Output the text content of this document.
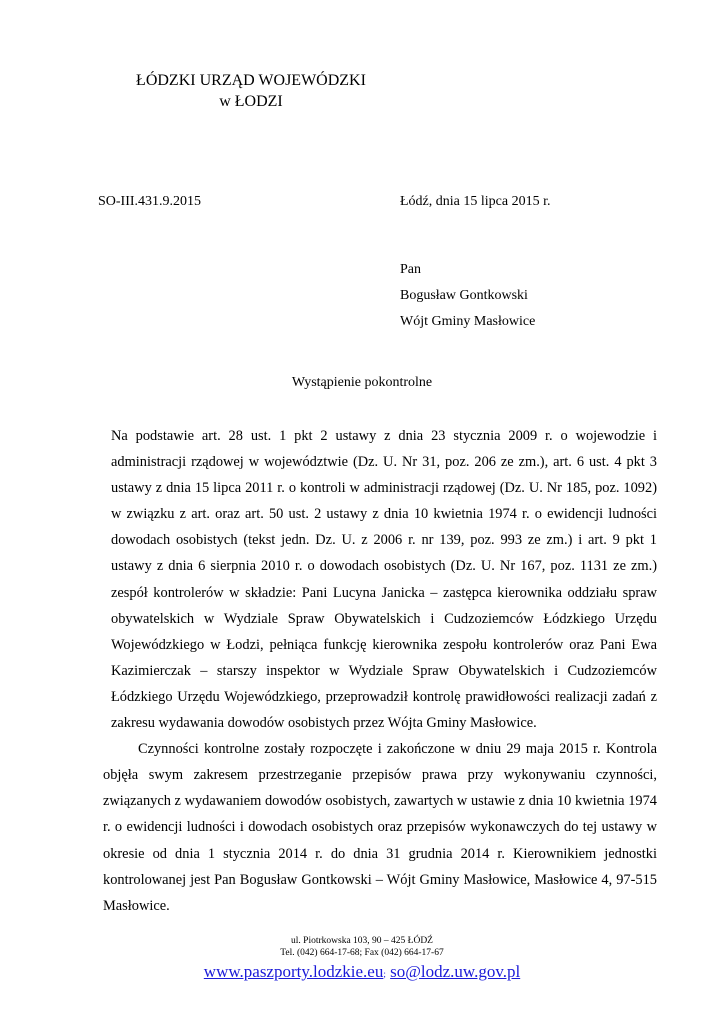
ŁÓDZKI URZĄD WOJEWÓDZKI
w ŁODZI
SO-III.431.9.2015	Łódź, dnia 15 lipca 2015 r.
Pan
Bogusław Gontkowski
Wójt Gminy Masłowice
Wystąpienie pokontrolne

Na podstawie art. 28 ust. 1 pkt 2 ustawy z dnia 23 stycznia 2009 r. o wojewodzie i administracji rządowej w województwie (Dz. U. Nr 31, poz. 206 ze zm.), art. 6 ust. 4 pkt 3 ustawy z dnia 15 lipca 2011 r. o kontroli w administracji rządowej (Dz. U. Nr 185, poz. 1092) w związku z art. oraz art. 50 ust. 2 ustawy z dnia 10 kwietnia 1974 r. o ewidencji ludności dowodach osobistych (tekst jedn. Dz. U. z 2006 r. nr 139, poz. 993 ze zm.) i art. 9 pkt 1 ustawy z dnia 6 sierpnia 2010 r. o dowodach osobistych (Dz. U. Nr 167, poz. 1131 ze zm.) zespół kontrolerów w składzie: Pani Lucyna Janicka – zastępca kierownika oddziału spraw obywatelskich w Wydziale Spraw Obywatelskich i Cudzoziemców Łódzkiego Urzędu Wojewódzkiego w Łodzi, pełniąca funkcję kierownika zespołu kontrolerów oraz Pani Ewa Kazimierczak – starszy inspektor w Wydziale Spraw Obywatelskich i Cudzoziemców Łódzkiego Urzędu Wojewódzkiego, przeprowadził kontrolę prawidłowości realizacji zadań z zakresu wydawania dowodów osobistych przez Wójta Gminy Masłowice.

Czynności kontrolne zostały rozpoczęte i zakończone w dniu 29 maja 2015 r. Kontrola objęła swym zakresem przestrzeganie przepisów prawa przy wykonywaniu czynności, związanych z wydawaniem dowodów osobistych, zawartych w ustawie z dnia 10 kwietnia 1974 r. o ewidencji ludności i dowodach osobistych oraz przepisów wykonawczych do tej ustawy w okresie od dnia 1 stycznia 2014 r. do dnia 31 grudnia 2014 r. Kierownikiem jednostki kontrolowanej jest Pan Bogusław Gontkowski – Wójt Gminy Masłowice, Masłowice 4, 97-515 Masłowice.

ul. Piotrkowska 103, 90 – 425 ŁÓDŹ
Tel. (042) 664-17-68; Fax (042) 664-17-67
www.paszporty.lodzkie.eu; so@lodz.uw.gov.pl
